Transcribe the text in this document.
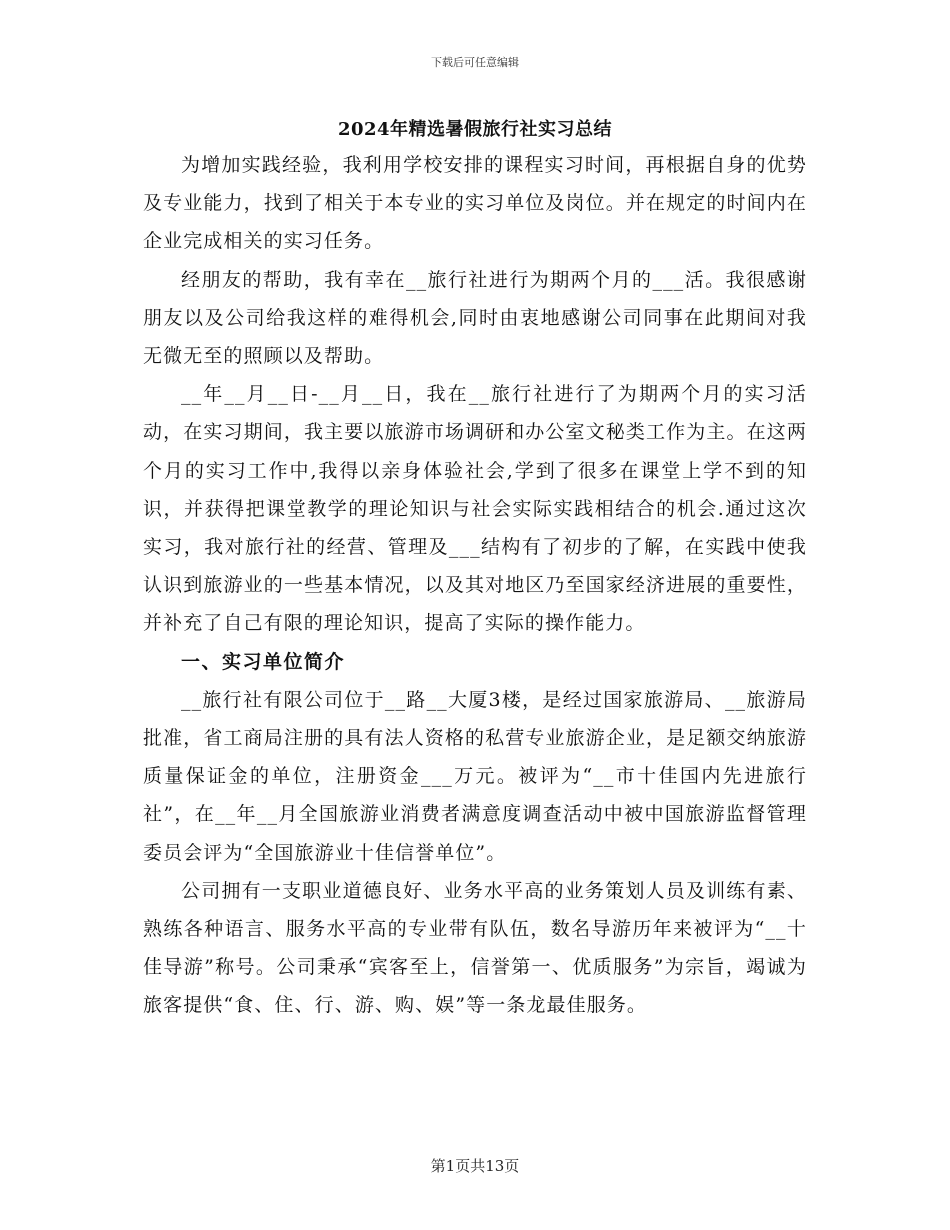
下载后可任意编辑
2024年精选暑假旅行社实习总结

为增加实践经验，我利用学校安排的课程实习时间，再根据自身的优势及专业能力，找到了相关于本专业的实习单位及岗位。并在规定的时间内在企业完成相关的实习任务。

经朋友的帮助，我有幸在__旅行社进行为期两个月的___活。我很感谢朋友以及公司给我这样的难得机会,同时由衷地感谢公司同事在此期间对我无微无至的照顾以及帮助。

__年__月__日-__月__日，我在__旅行社进行了为期两个月的实习活动，在实习期间，我主要以旅游市场调研和办公室文秘类工作为主。在这两个月的实习工作中,我得以亲身体验社会,学到了很多在课堂上学不到的知识，并获得把课堂教学的理论知识与社会实际实践相结合的机会.通过这次实习，我对旅行社的经营、管理及___结构有了初步的了解，在实践中使我认识到旅游业的一些基本情况，以及其对地区乃至国家经济进展的重要性，并补充了自己有限的理论知识，提高了实际的操作能力。

一、实习单位简介

__旅行社有限公司位于__路__大厦3楼，是经过国家旅游局、__旅游局批准，省工商局注册的具有法人资格的私营专业旅游企业，是足额交纳旅游质量保证金的单位，注册资金___万元。被评为“__市十佳国内先进旅行社”，在__年__月全国旅游业消费者满意度调查活动中被中国旅游监督管理委员会评为“全国旅游业十佳信誉单位”。

公司拥有一支职业道德良好、业务水平高的业务策划人员及训练有素、熟练各种语言、服务水平高的专业带有队伍，数名导游历年来被评为“__十佳导游”称号。公司秉承“宾客至上，信誉第一、优质服务”为宗旨，竭诚为旅客提供“食、住、行、游、购、娱”等一条龙最佳服务。

第1页共13页
